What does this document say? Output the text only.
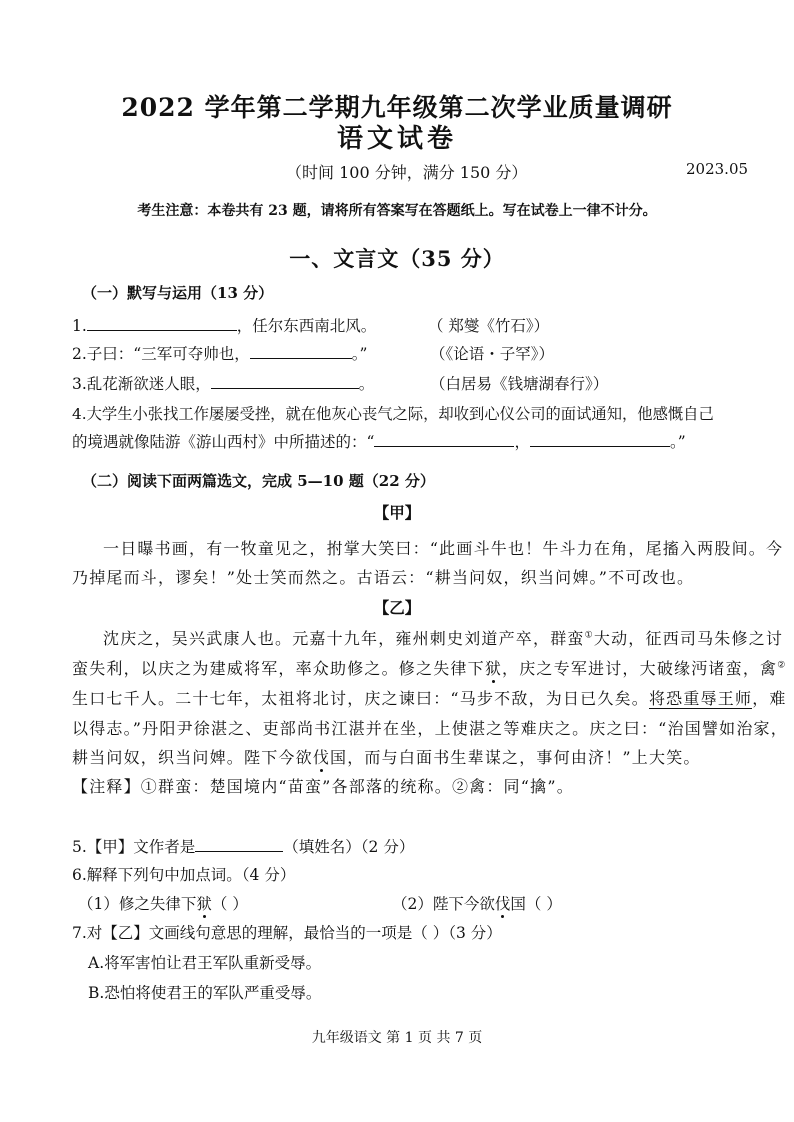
2022 学年第二学期九年级第二次学业质量调研
语文试卷
（时间 100 分钟，满分 150 分）	2023.05
考生注意：本卷共有 23 题，请将所有答案写在答题纸上。写在试卷上一律不计分。
一、文言文（35 分）
（一）默写与运用（13 分）
1.	，任尔东西南北风。	（ 郑燮《竹石》）
2.子曰：“三军可夺帅也，	。”	（《论语・子罕》）
3.乱花渐欲迷人眼，	。	（白居易《钱塘湖春行》）
4.大学生小张找工作屡屡受挫，就在他灰心丧气之际，却收到心仪公司的面试通知，他感慨自己
的境遇就像陆游《游山西村》中所描述的：“	，	。”
（二）阅读下面两篇选文，完成 5—10 题（22 分）
【甲】
一日曝书画，有一牧童见之，拊掌大笑曰：“此画斗牛也！牛斗力在角，尾搐入两股间。今
乃掉尾而斗，谬矣！”处士笑而然之。古语云：“耕当问奴，织当问婢。”不可改也。
【乙】
沈庆之，吴兴武康人也。元嘉十九年，雍州刺史刘道产卒，群蛮①大动，征西司马朱修之讨
蛮失利，以庆之为建威将军，率众助修之。修之失律下狱，庆之专军进讨，大破缘沔诸蛮，禽②
生口七千人。二十七年，太祖将北讨，庆之谏曰：“马步不敌，为日已久矣。将恐重辱王师，难
以得志。”丹阳尹徐湛之、吏部尚书江湛并在坐，上使湛之等难庆之。庆之曰：“治国譬如治家，
耕当问奴，织当问婢。陛下今欲伐国，而与白面书生辈谋之，事何由济！”上大笑。
【注释】①群蛮：楚国境内“苗蛮”各部落的统称。②禽：同“擒”。
5.【甲】文作者是	（填姓名）（2 分）
6.解释下列句中加点词。（4 分）
（1）修之失律下狱（ ）	（2）陛下今欲伐国（ ）
7.对【乙】文画线句意思的理解，最恰当的一项是（ ）（3 分）
A.将军害怕让君王军队重新受辱。
B.恐怕将使君王的军队严重受辱。
九年级语文 第 1 页 共 7 页
